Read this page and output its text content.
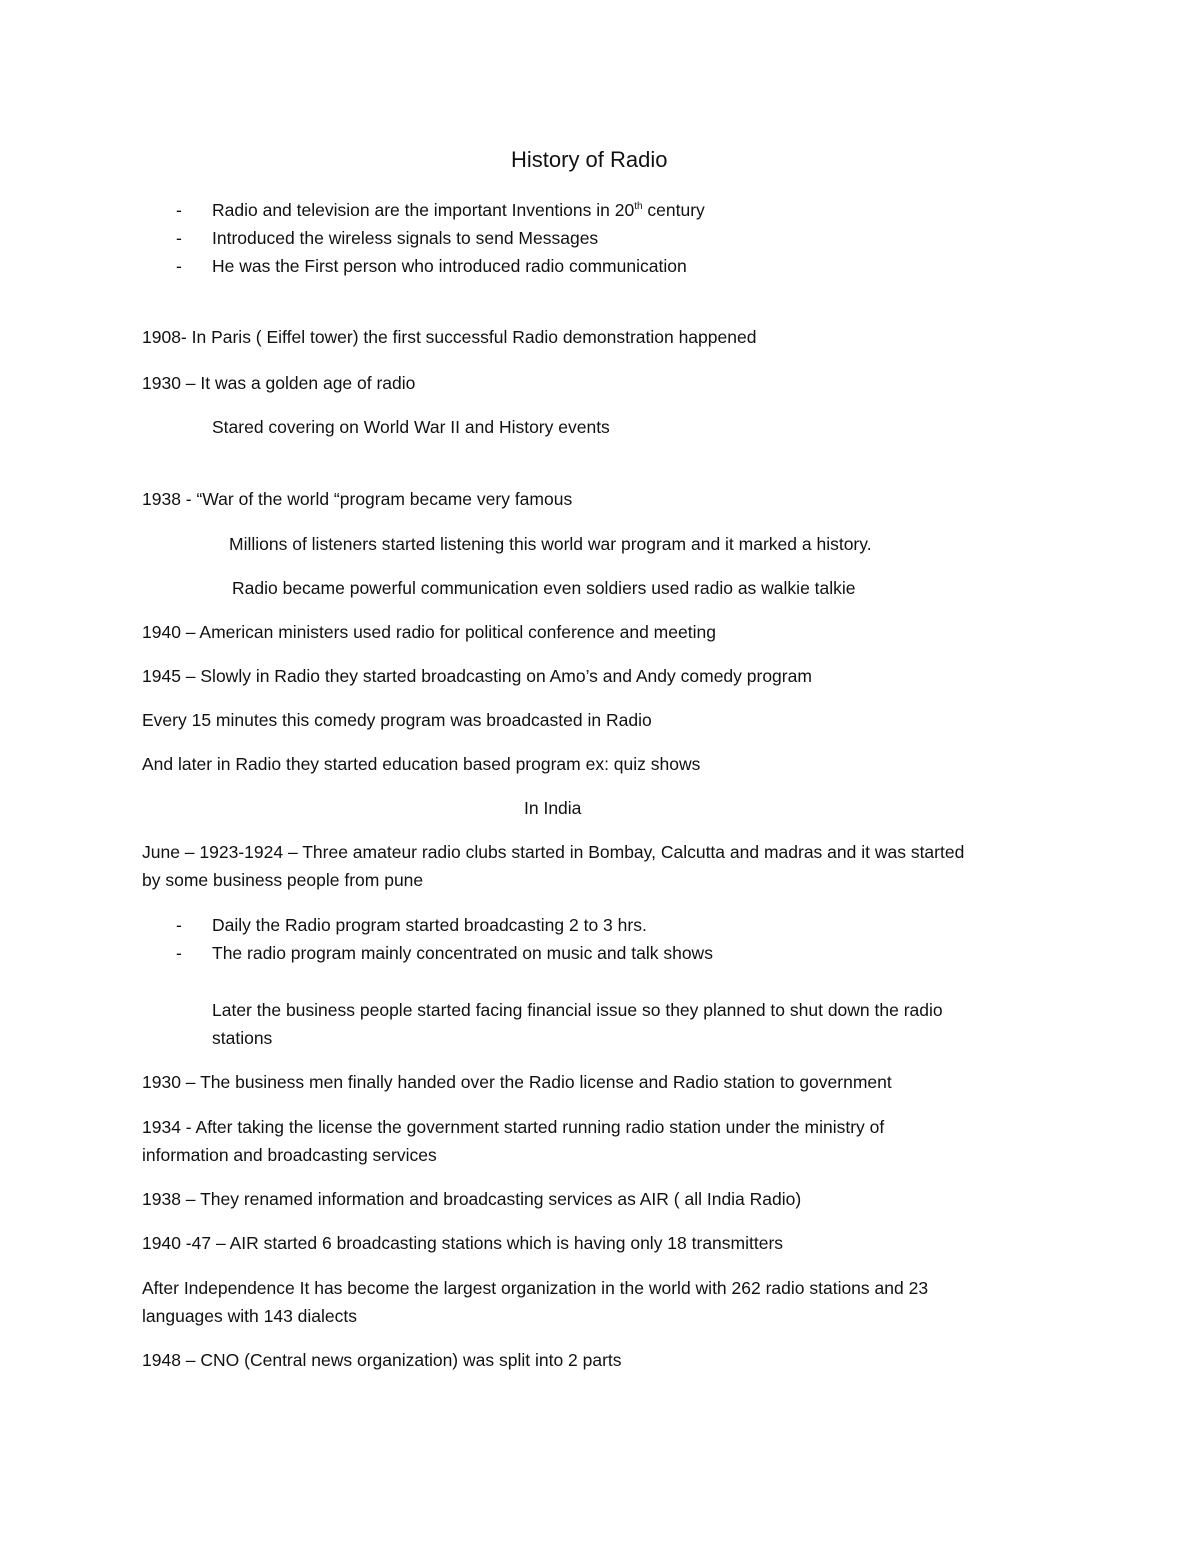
History of Radio
- Radio and television are the important Inventions in 20th century
- Introduced the wireless signals to send Messages
- He was the First person who introduced radio communication
1908- In Paris ( Eiffel tower) the first successful Radio demonstration happened
1930 – It was a golden age of radio
Stared covering on World War II and History events
1938 - “War of the world “program became very famous
Millions of listeners started listening this world war program and it marked a history.
Radio became powerful communication even soldiers used radio as walkie talkie
1940 – American ministers used radio for political conference and meeting
1945 – Slowly in Radio they started broadcasting on Amo’s and Andy comedy program
Every 15 minutes this comedy program was broadcasted in Radio
And later in Radio they started education based program ex: quiz shows
In India
June – 1923-1924 – Three amateur radio clubs started in Bombay, Calcutta and madras and it was started
by some business people from pune
- Daily the Radio program started broadcasting 2 to 3 hrs.
- The radio program mainly concentrated on music and talk shows
Later the business people started facing financial issue so they planned to shut down the radio
stations
1930 – The business men finally handed over the Radio license and Radio station to government
1934 - After taking the license the government started running radio station under the ministry of
information and broadcasting services
1938 – They renamed information and broadcasting services as AIR ( all India Radio)
1940 -47 – AIR started 6 broadcasting stations which is having only 18 transmitters
After Independence It has become the largest organization in the world with 262 radio stations and 23
languages with 143 dialects
1948 – CNO (Central news organization) was split into 2 parts
